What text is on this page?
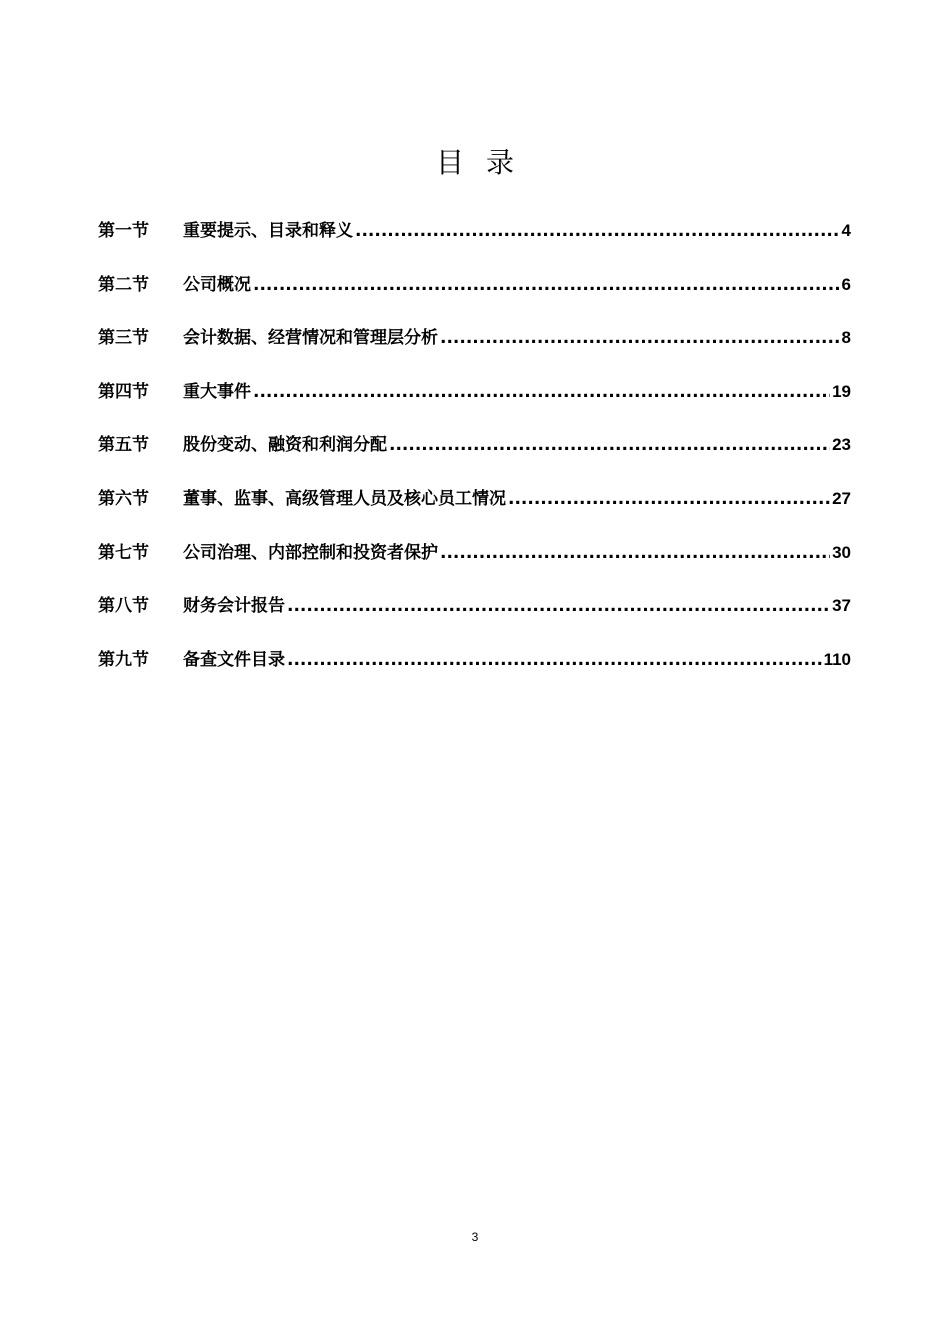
目录
第一节	重要提示、目录和释义 .....	4
第二节	公司概况 .....	6
第三节	会计数据、经营情况和管理层分析 .....	8
第四节	重大事件 .....	19
第五节	股份变动、融资和利润分配 .....	23
第六节	董事、监事、高级管理人员及核心员工情况 .....	27
第七节	公司治理、内部控制和投资者保护 .....	30
第八节	财务会计报告 .....	37
第九节	备查文件目录 .....	110
3
